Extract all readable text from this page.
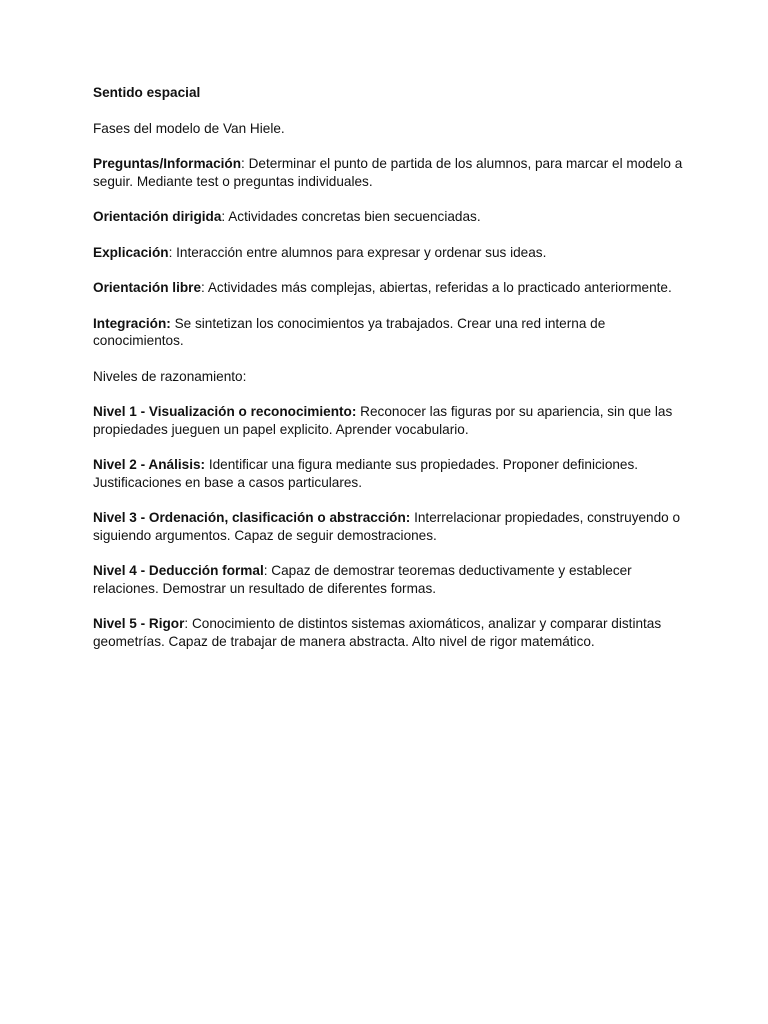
Sentido espacial

Fases del modelo de Van Hiele.

Preguntas/Información: Determinar el punto de partida de los alumnos, para marcar el modelo a seguir. Mediante test o preguntas individuales.

Orientación dirigida: Actividades concretas bien secuenciadas.

Explicación: Interacción entre alumnos para expresar y ordenar sus ideas.

Orientación libre: Actividades más complejas, abiertas, referidas a lo practicado anteriormente.

Integración: Se sintetizan los conocimientos ya trabajados. Crear una red interna de conocimientos.

Niveles de razonamiento:

Nivel 1 - Visualización o reconocimiento: Reconocer las figuras por su apariencia, sin que las propiedades jueguen un papel explicito. Aprender vocabulario.

Nivel 2 - Análisis: Identificar una figura mediante sus propiedades. Proponer definiciones. Justificaciones en base a casos particulares.

Nivel 3 - Ordenación, clasificación o abstracción: Interrelacionar propiedades, construyendo o siguiendo argumentos. Capaz de seguir demostraciones.

Nivel 4 - Deducción formal: Capaz de demostrar teoremas deductivamente y establecer relaciones. Demostrar un resultado de diferentes formas.

Nivel 5 - Rigor: Conocimiento de distintos sistemas axiomáticos, analizar y comparar distintas geometrías. Capaz de trabajar de manera abstracta. Alto nivel de rigor matemático.
